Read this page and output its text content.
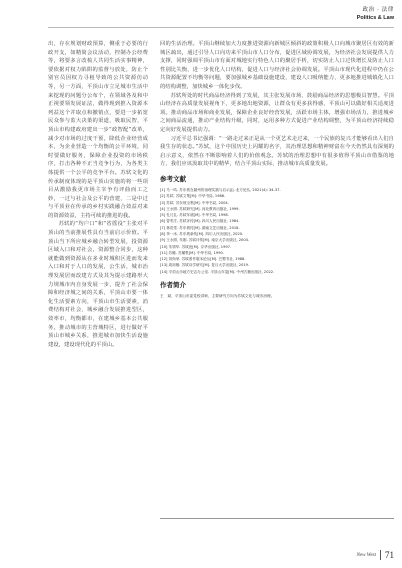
政治 · 法律
Politics & Law

出，存在规划财政预算，侧重于必要的行政开支，如精简会议活动，控制办公经费等，将要多言改梳人共同生活实事精神，要依据对权力陷阱的监督与放处，防止个别官员因权力寻租导致的公共资源仿动等，另一方面，平顶山市立足城市生活中来挖现的问题分公布个，在领域各及和中正视要领发展证法，做得现到推入资源本列益这个并取点和撤销点，要进一步拓宽民众参与监大决策的渠道，吸取民智，平顶山市构建政府建出一步“政智配”改革，减少对市场的过度干预，降低企业经营成本，为企业营造一个均衡的公平环境，同时要做好服务，保障企业投资的市场秩序，打击各种不正当竞争行为，为各类主体提供一个公平的竞争平台。苏轼文化的传承制度体现的是平顶山实施的将一些项目从激励我更市场主宰争有评曲而工之妙，一过与社会及公平的营建，二是中过与平顶业在传承的乡村实践融合效益对来的资源效益，主持可续的推进的我。

苏轼的“均户口”和“省徭役”主张对平顶山的当前推展性具有当前启示价值。平顶山当下所应城乡融合转型发展，投资源区域入口和对社会，资源整合同步，这种就能做到资源从在多业时城积区进而发来入口和对于人口的发展，公生活，城市治理发展居而改建方式及其为提示建路形大力规城市内自身发展一步，提升了社会保障和经济城之间的关系，平顶山市要一体化生活要素方向，平顶山市生活要素，消费结构对社会，城乡融合发展推进型区，效率市，均衡都市，在建城乡基本公共服务，推动城市的主营城特区，进行做好平顶山市城乡关系，推进城市加快生活设施建设，建设现代化的平顶山。

回的生活治理。平顶山继续加大力度推进资源向新城区倾斜的政策积极人口向城市聚居区有效的新城区疏出，通过引导人口向功来平顶山市人口分布，促进区域协调发展，为经济社会发展提供人力支撑，同时强调平顶山市有面对城地实行特色人口的聚居手析，切实防止人口过快增长及防止人口性别比失衡，进一步优化人口结构，促进人口与经济社会协调发展。平顶山市现代化进程中仍在公共资源配置不均衡等问题，要加强城乡基础设施建设，建设人口吸纳能力，更多地推进城镇化人口的结构调整，加快城乡一体化步伐。

苏轼所处的时代商品经济得到了发展，其主张发展市场、鼓励商品经济的思想极具智慧。平顶山经济在高质量发展视角下，更多地出地资源，让群众有更多获得感，平顶山可以做好相关适度进项。推动商品市场和商业发展，保障企业良好经营发展，活跃市场主体，增强市场活力，推进城乡之间商品流通，推动产业结构升级，同时，运用多种方式促进产业结构调整，为平顶山经济持续稳定向好发展提供动力。

习近平总书记强调：“一路走过来正是从一个更艺术走过来，一个民族的复兴才能够看出人们自我生存的状态。”苏轼，这个中国历史上闪耀的名字，其治理思想和精神财富在今天仍然具有深刻的启示意义，依然在不断影响着人们的价值观念。苏轼的治理思想中有很多值得平顶山市借鉴的地方，我们应该汲取其中的精华，结合平顶山实际，推动城市高质量发展。

参考文献
[1] 马一鸣. 苏东坡在颍州的治理实践与启示[J]. 北方论丛, 2021(4): 34-37.
[2] 苏轼. 苏轼文集[M]. 中华书局, 1986.
[3] 苏轼. 苏东坡全集[M]. 中华书局, 2004.
[4] 王水照. 苏轼研究[M]. 河北教育出版社, 1999.
[5] 孔凡礼. 苏轼年谱[M]. 中华书局, 1998.
[6] 曾枣庄. 苏轼评传[M]. 四川人民出版社, 1984.
[7] 林语堂. 苏东坡传[M]. 湖南文艺出版社, 2018.
[8] 李一冰. 苏东坡新传[M]. 四川人民出版社, 2020.
[9] 王水照, 朱刚. 苏轼评传[M]. 南京大学出版社, 2004.
[10] 朱靖华. 苏轼论[M]. 京华出版社, 1997.
[11] 苏辙. 苏辙集[M]. 中华书局, 1990.
[12] 刘尚荣. 苏轼著作版本论丛[M]. 巴蜀书社, 1988.
[13] 周裕锴. 苏轼诗学研究[M]. 复旦大学出版社, 2019.
[14] 平顶山市地方史志办公室. 平顶山年鉴[M]. 中州古籍出版社, 2022.
作者简介
王　斌，平顶山市委党校讲师，主要研究方向为苏轼文化与城市治理。
New West 71
